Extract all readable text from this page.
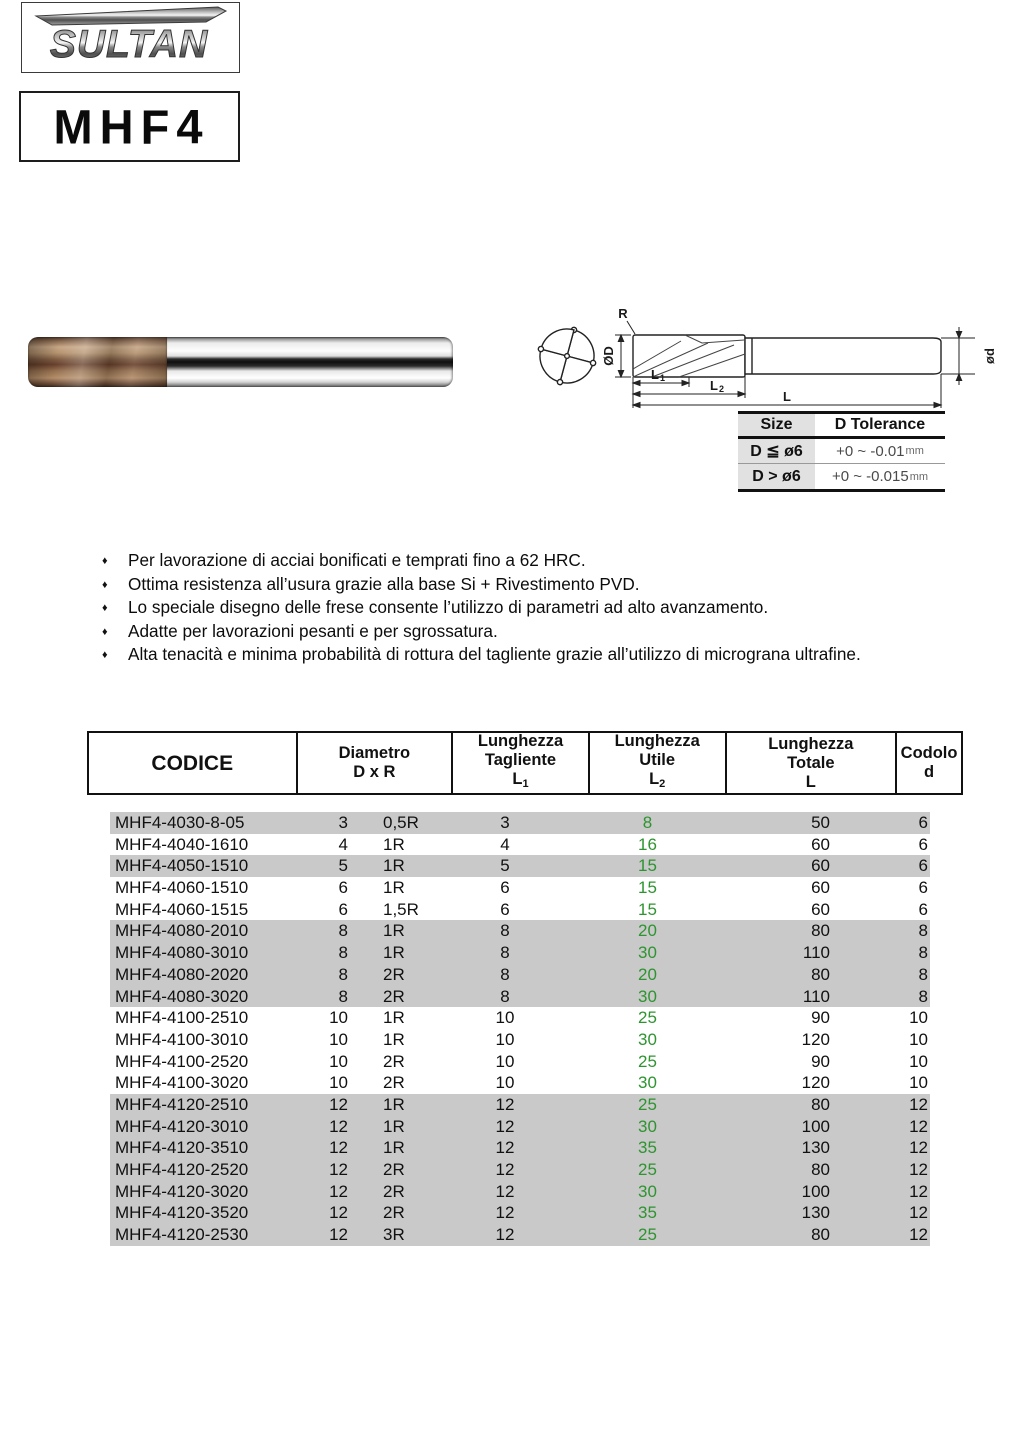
SULTAN
MHF4
R
ØD
L 1	L 2	L
ød
Size	D Tolerance
D ≦ ø6	+0 ~ -0.01 mm
D > ø6	+0 ~ -0.015 mm
♦ Per lavorazione di acciai bonificati e temprati fino a 62 HRC.
♦ Ottima resistenza all’usura grazie alla base Si + Rivestimento PVD.
♦ Lo speciale disegno delle frese consente l’utilizzo di parametri ad alto avanzamento.
♦ Adatte per lavorazioni pesanti e per sgrossatura.
♦ Alta tenacità e minima probabilità di rottura del tagliente grazie all’utilizzo di micrograna ultrafine.
CODICE	Diametro
D x R
Lunghezza
Tagliente
$L_1$
Lunghezza
Utile
$L_2$
Lunghezza
Totale
L
Codolo
d
MHF4-4030-8-05	3	0,5R	3	8	50	6
MHF4-4040-1610	4	1R	4	16	60	6
MHF4-4050-1510	5	1R	5	15	60	6
MHF4-4060-1510	6	1R	6	15	60	6
MHF4-4060-1515	6	1,5R	6	15	60	6
MHF4-4080-2010	8	1R	8	20	80	8
MHF4-4080-3010	8	1R	8	30	110	8
MHF4-4080-2020	8	2R	8	20	80	8
MHF4-4080-3020	8	2R	8	30	110	8
MHF4-4100-2510	10	1R	10	25	90	10
MHF4-4100-3010	10	1R	10	30	120	10
MHF4-4100-2520	10	2R	10	25	90	10
MHF4-4100-3020	10	2R	10	30	120	10
MHF4-4120-2510	12	1R	12	25	80	12
MHF4-4120-3010	12	1R	12	30	100	12
MHF4-4120-3510	12	1R	12	35	130	12
MHF4-4120-2520	12	2R	12	25	80	12
MHF4-4120-3020	12	2R	12	30	100	12
MHF4-4120-3520	12	2R	12	35	130	12
MHF4-4120-2530	12	3R	12	25	80	12
